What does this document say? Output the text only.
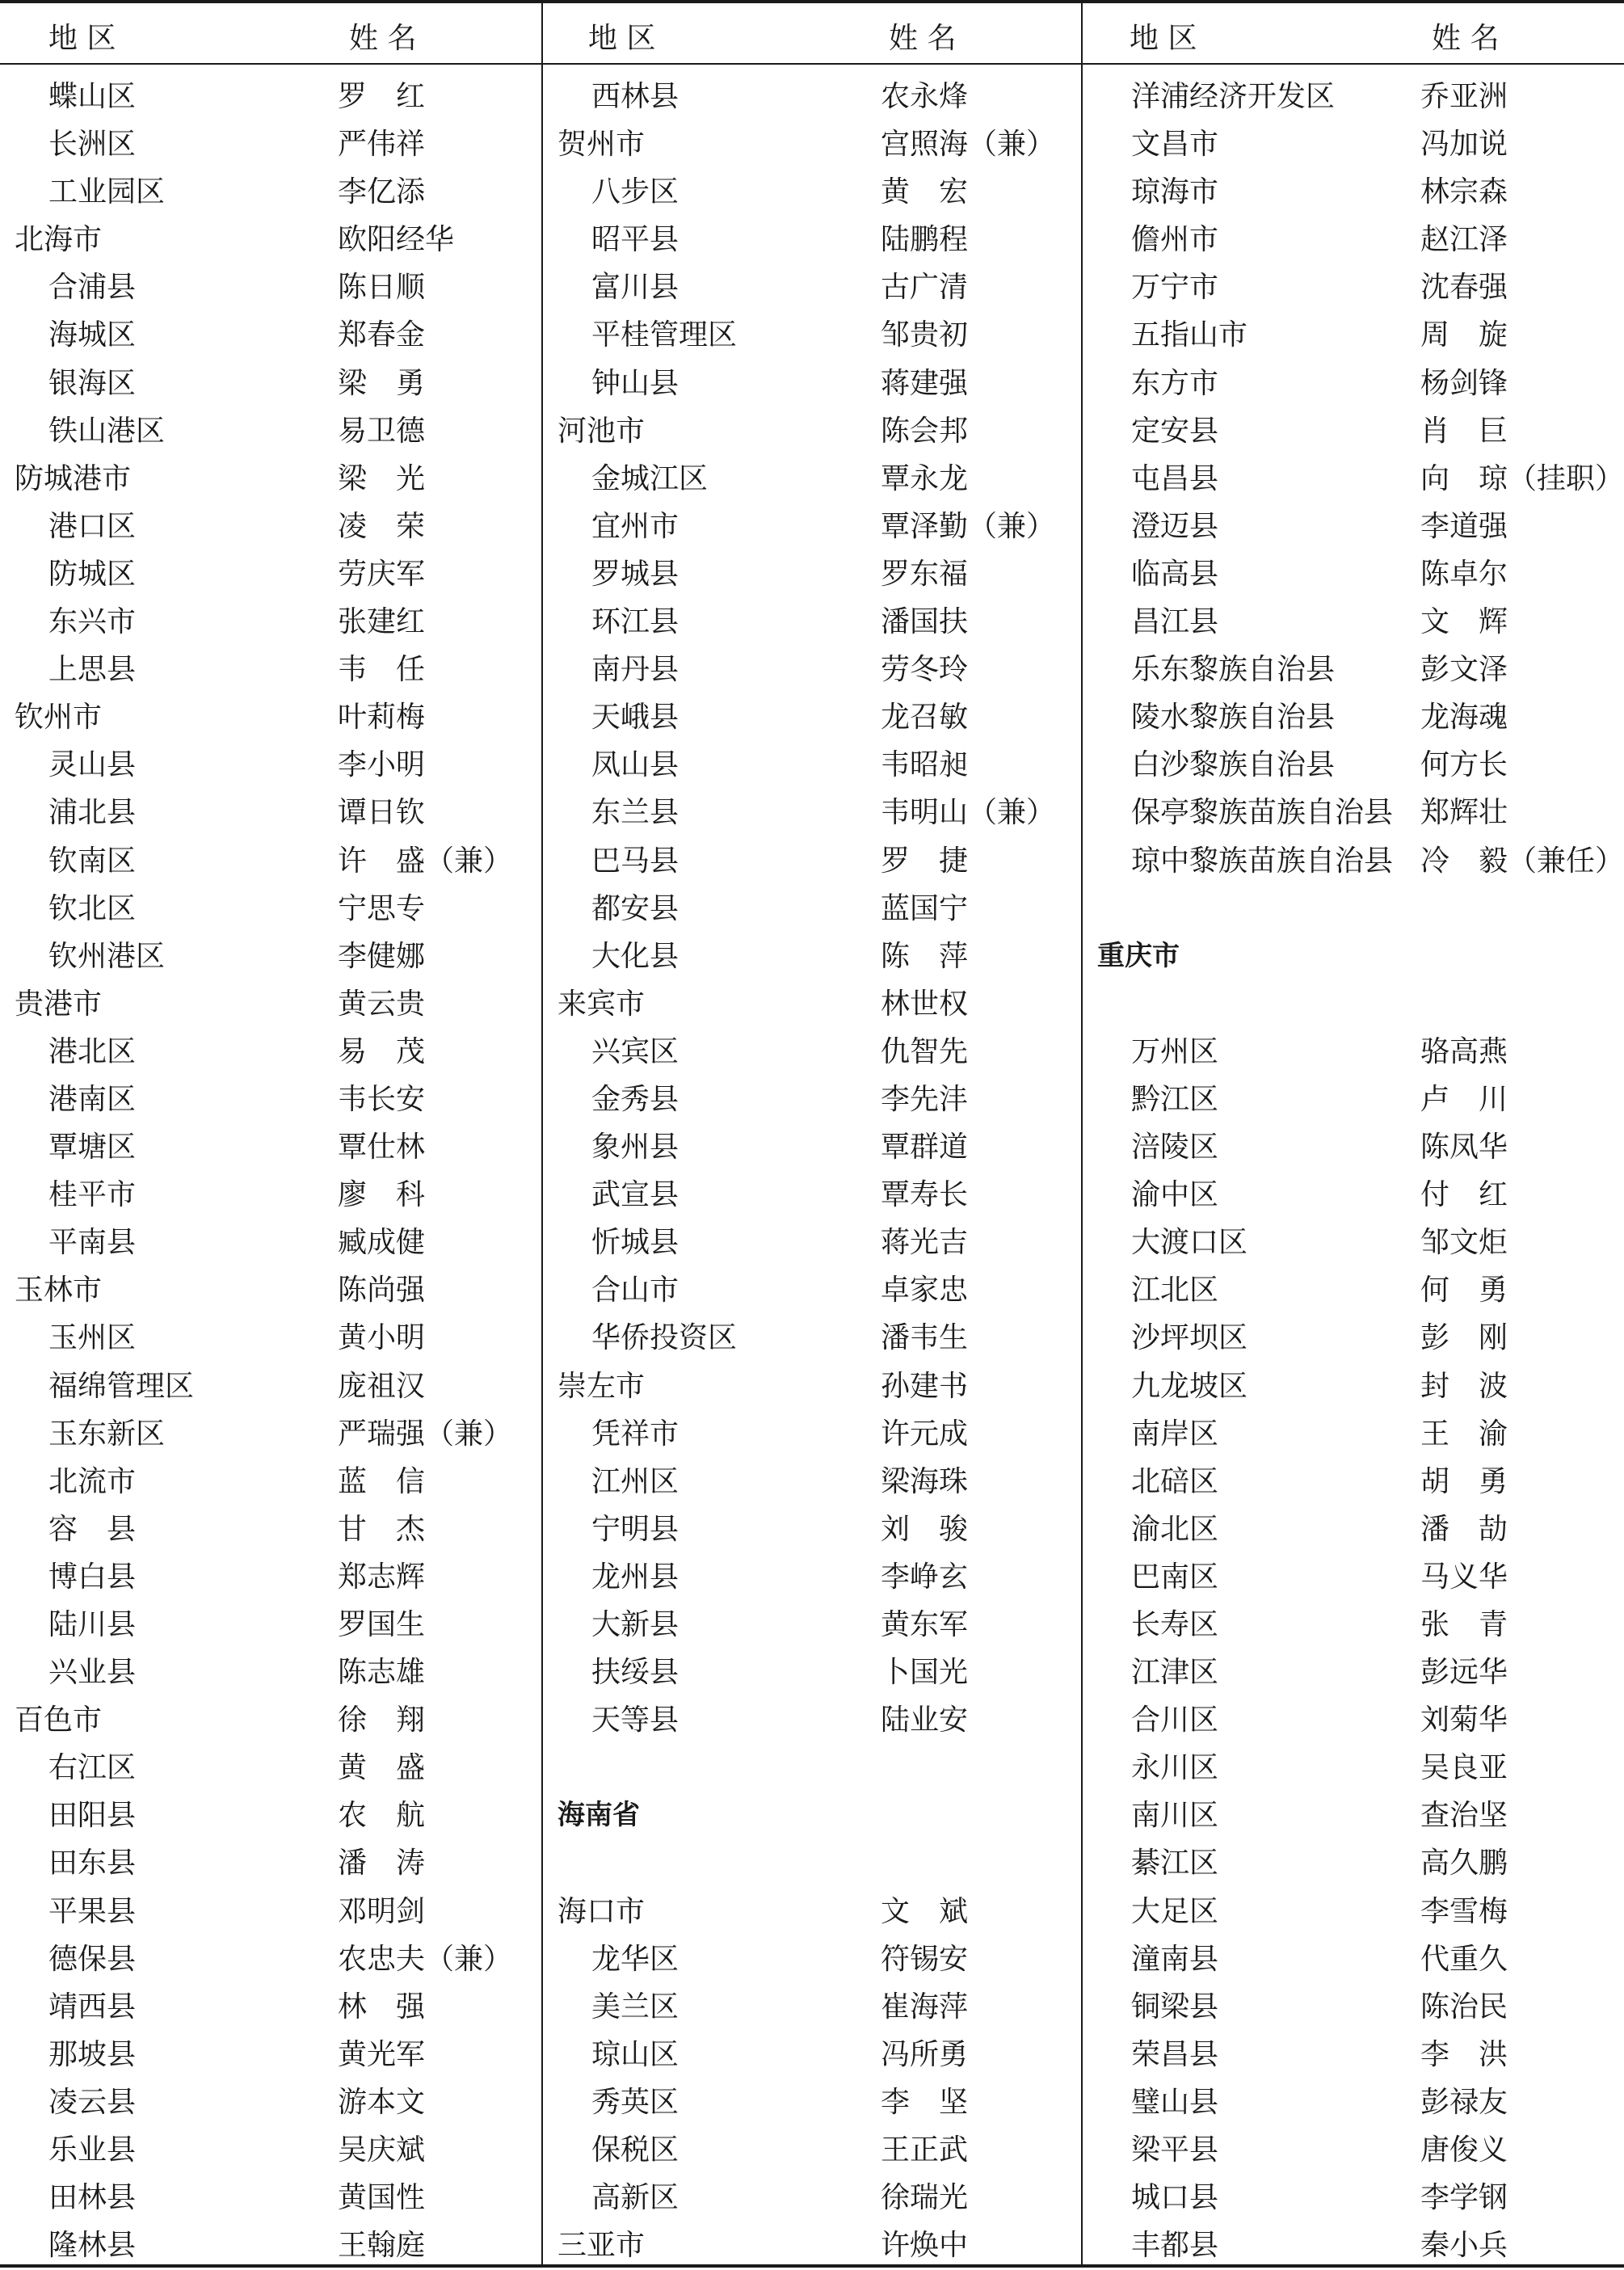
地 区	姓 名
蝶山区	罗　红
长洲区	严伟祥
工业园区	李亿添
北海市	欧阳经华
合浦县	陈日顺
海城区	郑春金
银海区	梁　勇
铁山港区	易卫德
防城港市	梁　光
港口区	凌　荣
防城区	劳庆军
东兴市	张建红
上思县	韦　任
钦州市	叶莉梅
灵山县	李小明
浦北县	谭日钦
钦南区	许　盛（兼）
钦北区	宁思专
钦州港区	李健娜
贵港市	黄云贵
港北区	易　茂
港南区	韦长安
覃塘区	覃仕林
桂平市	廖　科
平南县	臧成健
玉林市	陈尚强
玉州区	黄小明
福绵管理区	庞祖汉
玉东新区	严瑞强（兼）
北流市	蓝　信
容　县	甘　杰
博白县	郑志辉
陆川县	罗国生
兴业县	陈志雄
百色市	徐　翔
右江区	黄　盛
田阳县	农　航
田东县	潘　涛
平果县	邓明剑
德保县	农忠夫（兼）
靖西县	林　强
那坡县	黄光军
凌云县	游本文
乐业县	吴庆斌
田林县	黄国性
隆林县	王翰庭
地 区	姓 名
西林县	农永烽
贺州市	宫照海（兼）
八步区	黄　宏
昭平县	陆鹏程
富川县	古广清
平桂管理区	邹贵初
钟山县	蒋建强
河池市	陈会邦
金城江区	覃永龙
宜州市	覃泽勤（兼）
罗城县	罗东福
环江县	潘国扶
南丹县	劳冬玲
天峨县	龙召敏
凤山县	韦昭昶
东兰县	韦明山（兼）
巴马县	罗　捷
都安县	蓝国宁
大化县	陈　萍
来宾市	林世权
兴宾区	仇智先
金秀县	李先沣
象州县	覃群道
武宣县	覃寿长
忻城县	蒋光吉
合山市	卓家忠
华侨投资区	潘韦生
崇左市	孙建书
凭祥市	许元成
江州区	梁海珠
宁明县	刘　骏
龙州县	李峥玄
大新县	黄东军
扶绥县	卜国光
天等县	陆业安
海南省
海口市	文　斌
龙华区	符锡安
美兰区	崔海萍
琼山区	冯所勇
秀英区	李　坚
保税区	王正武
高新区	徐瑞光
三亚市	许焕中
地 区	姓 名
洋浦经济开发区	乔亚洲
文昌市	冯加说
琼海市	林宗森
儋州市	赵江泽
万宁市	沈春强
五指山市	周　旋
东方市	杨剑锋
定安县	肖　巨
屯昌县	向　琼（挂职）
澄迈县	李道强
临高县	陈卓尔
昌江县	文　辉
乐东黎族自治县	彭文泽
陵水黎族自治县	龙海魂
白沙黎族自治县	何方长
保亭黎族苗族自治县 郑辉壮
琼中黎族苗族自治县 冷　毅（兼任）
重庆市
万州区	骆高燕
黔江区	卢　川
涪陵区	陈凤华
渝中区	付　红
大渡口区	邹文炬
江北区	何　勇
沙坪坝区	彭　刚
九龙坡区	封　波
南岸区	王　渝
北碚区	胡　勇
渝北区	潘　劼
巴南区	马义华
长寿区	张　青
江津区	彭远华
合川区	刘菊华
永川区	吴良亚
南川区	查治坚
綦江区	高久鹏
大足区	李雪梅
潼南县	代重久
铜梁县	陈治民
荣昌县	李　洪
璧山县	彭禄友
梁平县	唐俊义
城口县	李学钢
丰都县	秦小兵
